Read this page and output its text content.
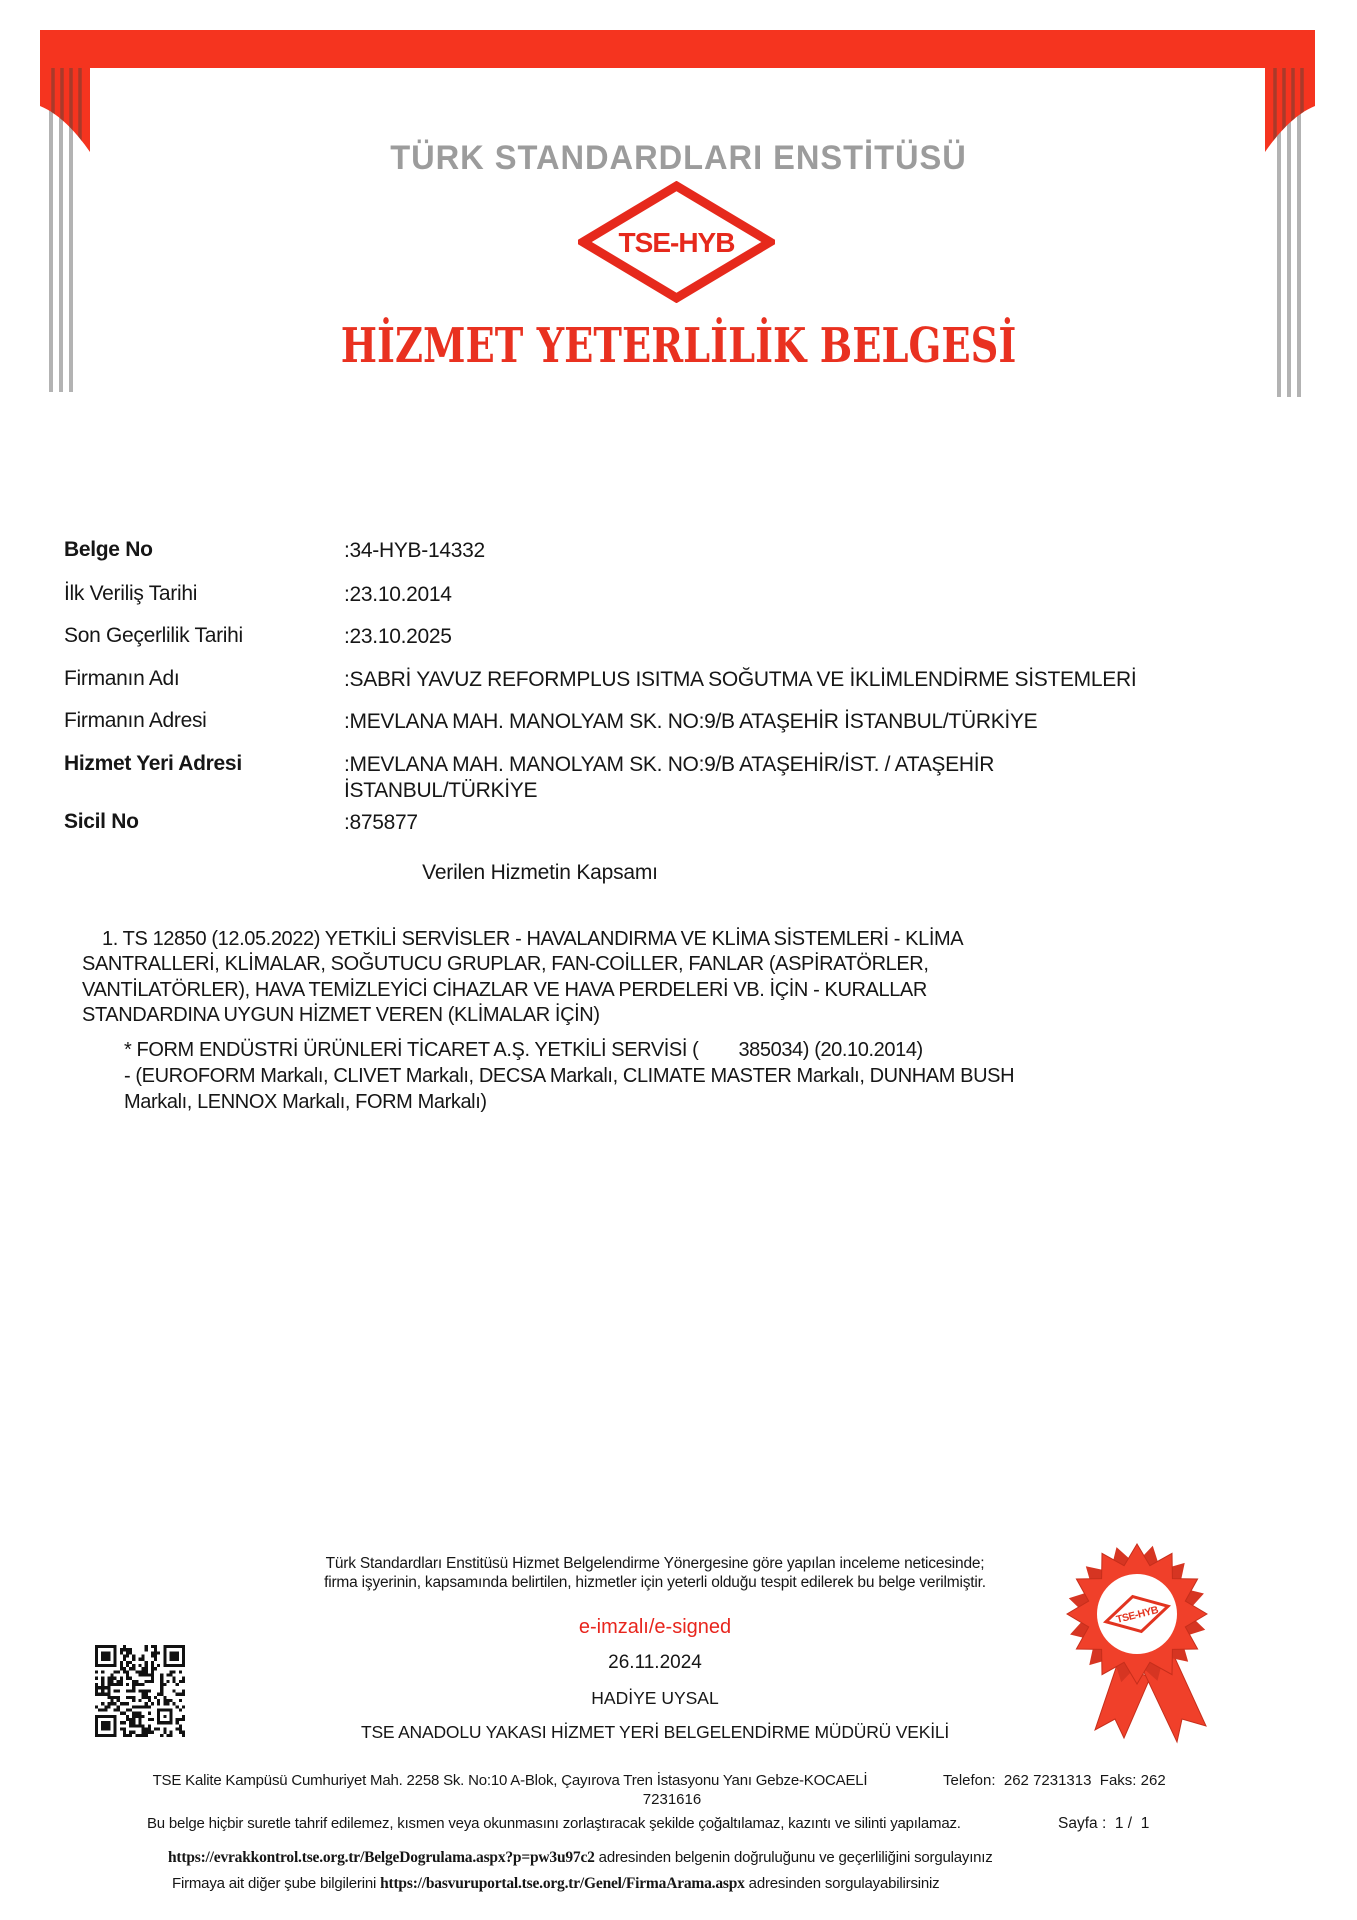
TÜRK STANDARDLARI ENSTİTÜSÜ
TSE-HYB
HİZMET YETERLİLİK BELGESİ
Belge No	:34-HYB-14332
İlk Veriliş Tarihi	:23.10.2014
Son Geçerlilik Tarihi	:23.10.2025
Firmanın Adı	:SABRİ YAVUZ REFORMPLUS ISITMA SOĞUTMA VE İKLİMLENDİRME SİSTEMLERİ
Firmanın Adresi	:MEVLANA MAH. MANOLYAM SK. NO:9/B ATAŞEHİR İSTANBUL/TÜRKİYE
Hizmet Yeri Adresi	:MEVLANA MAH. MANOLYAM SK. NO:9/B ATAŞEHİR/İST. / ATAŞEHİR İSTANBUL/TÜRKİYE
Sicil No	:875877
Verilen Hizmetin Kapsamı
1. TS 12850 (12.05.2022) YETKİLİ SERVİSLER - HAVALANDIRMA VE KLİMA SİSTEMLERİ - KLİMA SANTRALLERİ, KLİMALAR, SOĞUTUCU GRUPLAR, FAN-COİLLER, FANLAR (ASPİRATÖRLER, VANTİLATÖRLER), HAVA TEMİZLEYİCİ CİHAZLAR VE HAVA PERDELERİ VB. İÇİN - KURALLAR STANDARDINA UYGUN HİZMET VEREN (KLİMALAR İÇİN)
* FORM ENDÜSTRİ ÜRÜNLERİ TİCARET A.Ş. YETKİLİ SERVİSİ ( 385034) (20.10.2014)
- (EUROFORM Markalı, CLIVET Markalı, DECSA Markalı, CLIMATE MASTER Markalı, DUNHAM BUSH Markalı, LENNOX Markalı, FORM Markalı)
Türk Standardları Enstitüsü Hizmet Belgelendirme Yönergesine göre yapılan inceleme neticesinde;
firma işyerinin, kapsamında belirtilen, hizmetler için yeterli olduğu tespit edilerek bu belge verilmiştir.
e-imzalı/e-signed
26.11.2024
HADİYE UYSAL
TSE ANADOLU YAKASI HİZMET YERİ BELGELENDİRME MÜDÜRÜ VEKİLİ
TSE-HYB
TSE Kalite Kampüsü Cumhuriyet Mah. 2258 Sk. No:10 A-Blok, Çayırova Tren İstasyonu Yanı Gebze-KOCAELİ	Telefon:  262 7231313  Faks: 262
7231616
Bu belge hiçbir suretle tahrif edilemez, kısmen veya okunmasını zorlaştıracak şekilde çoğaltılamaz, kazıntı ve silinti yapılamaz.	Sayfa :  1 /  1
https://evrakkontrol.tse.org.tr/BelgeDogrulama.aspx?p=pw3u97c2 adresinden belgenin doğruluğunu ve geçerliliğini sorgulayınız
Firmaya ait diğer şube bilgilerini https://basvuruportal.tse.org.tr/Genel/FirmaArama.aspx adresinden sorgulayabilirsiniz
